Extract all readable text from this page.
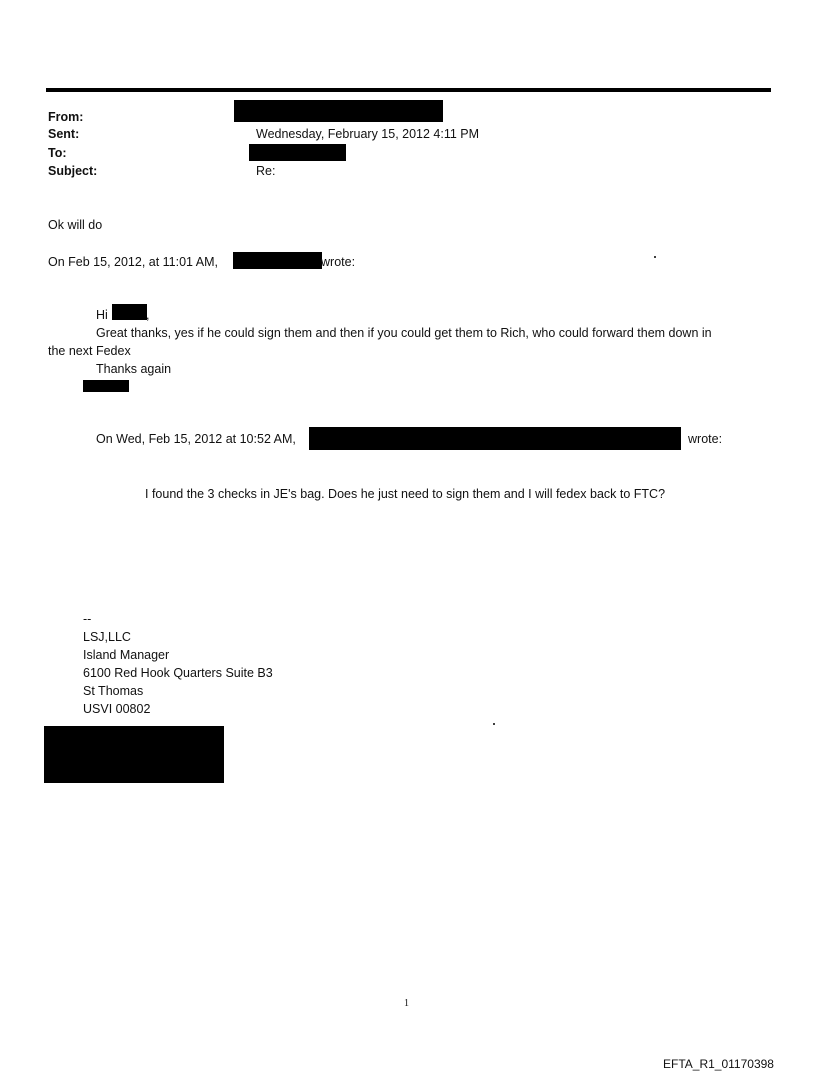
From:
Sent:	Wednesday, February 15, 2012 4:11 PM
To:
Subject:	Re:
Ok will do
On Feb 15, 2012, at 11:01 AM,	wrote:
Hi	,
Great thanks, yes if he could sign them and then if you could get them to Rich, who could forward them down in
the next Fedex
Thanks again
On Wed, Feb 15, 2012 at 10:52 AM,	wrote:
I found the 3 checks in JE's bag. Does he just need to sign them and I will fedex back to FTC?
--
LSJ,LLC
Island Manager
6100 Red Hook Quarters Suite B3
St Thomas
USVI 00802
1
EFTA_R1_01170398
